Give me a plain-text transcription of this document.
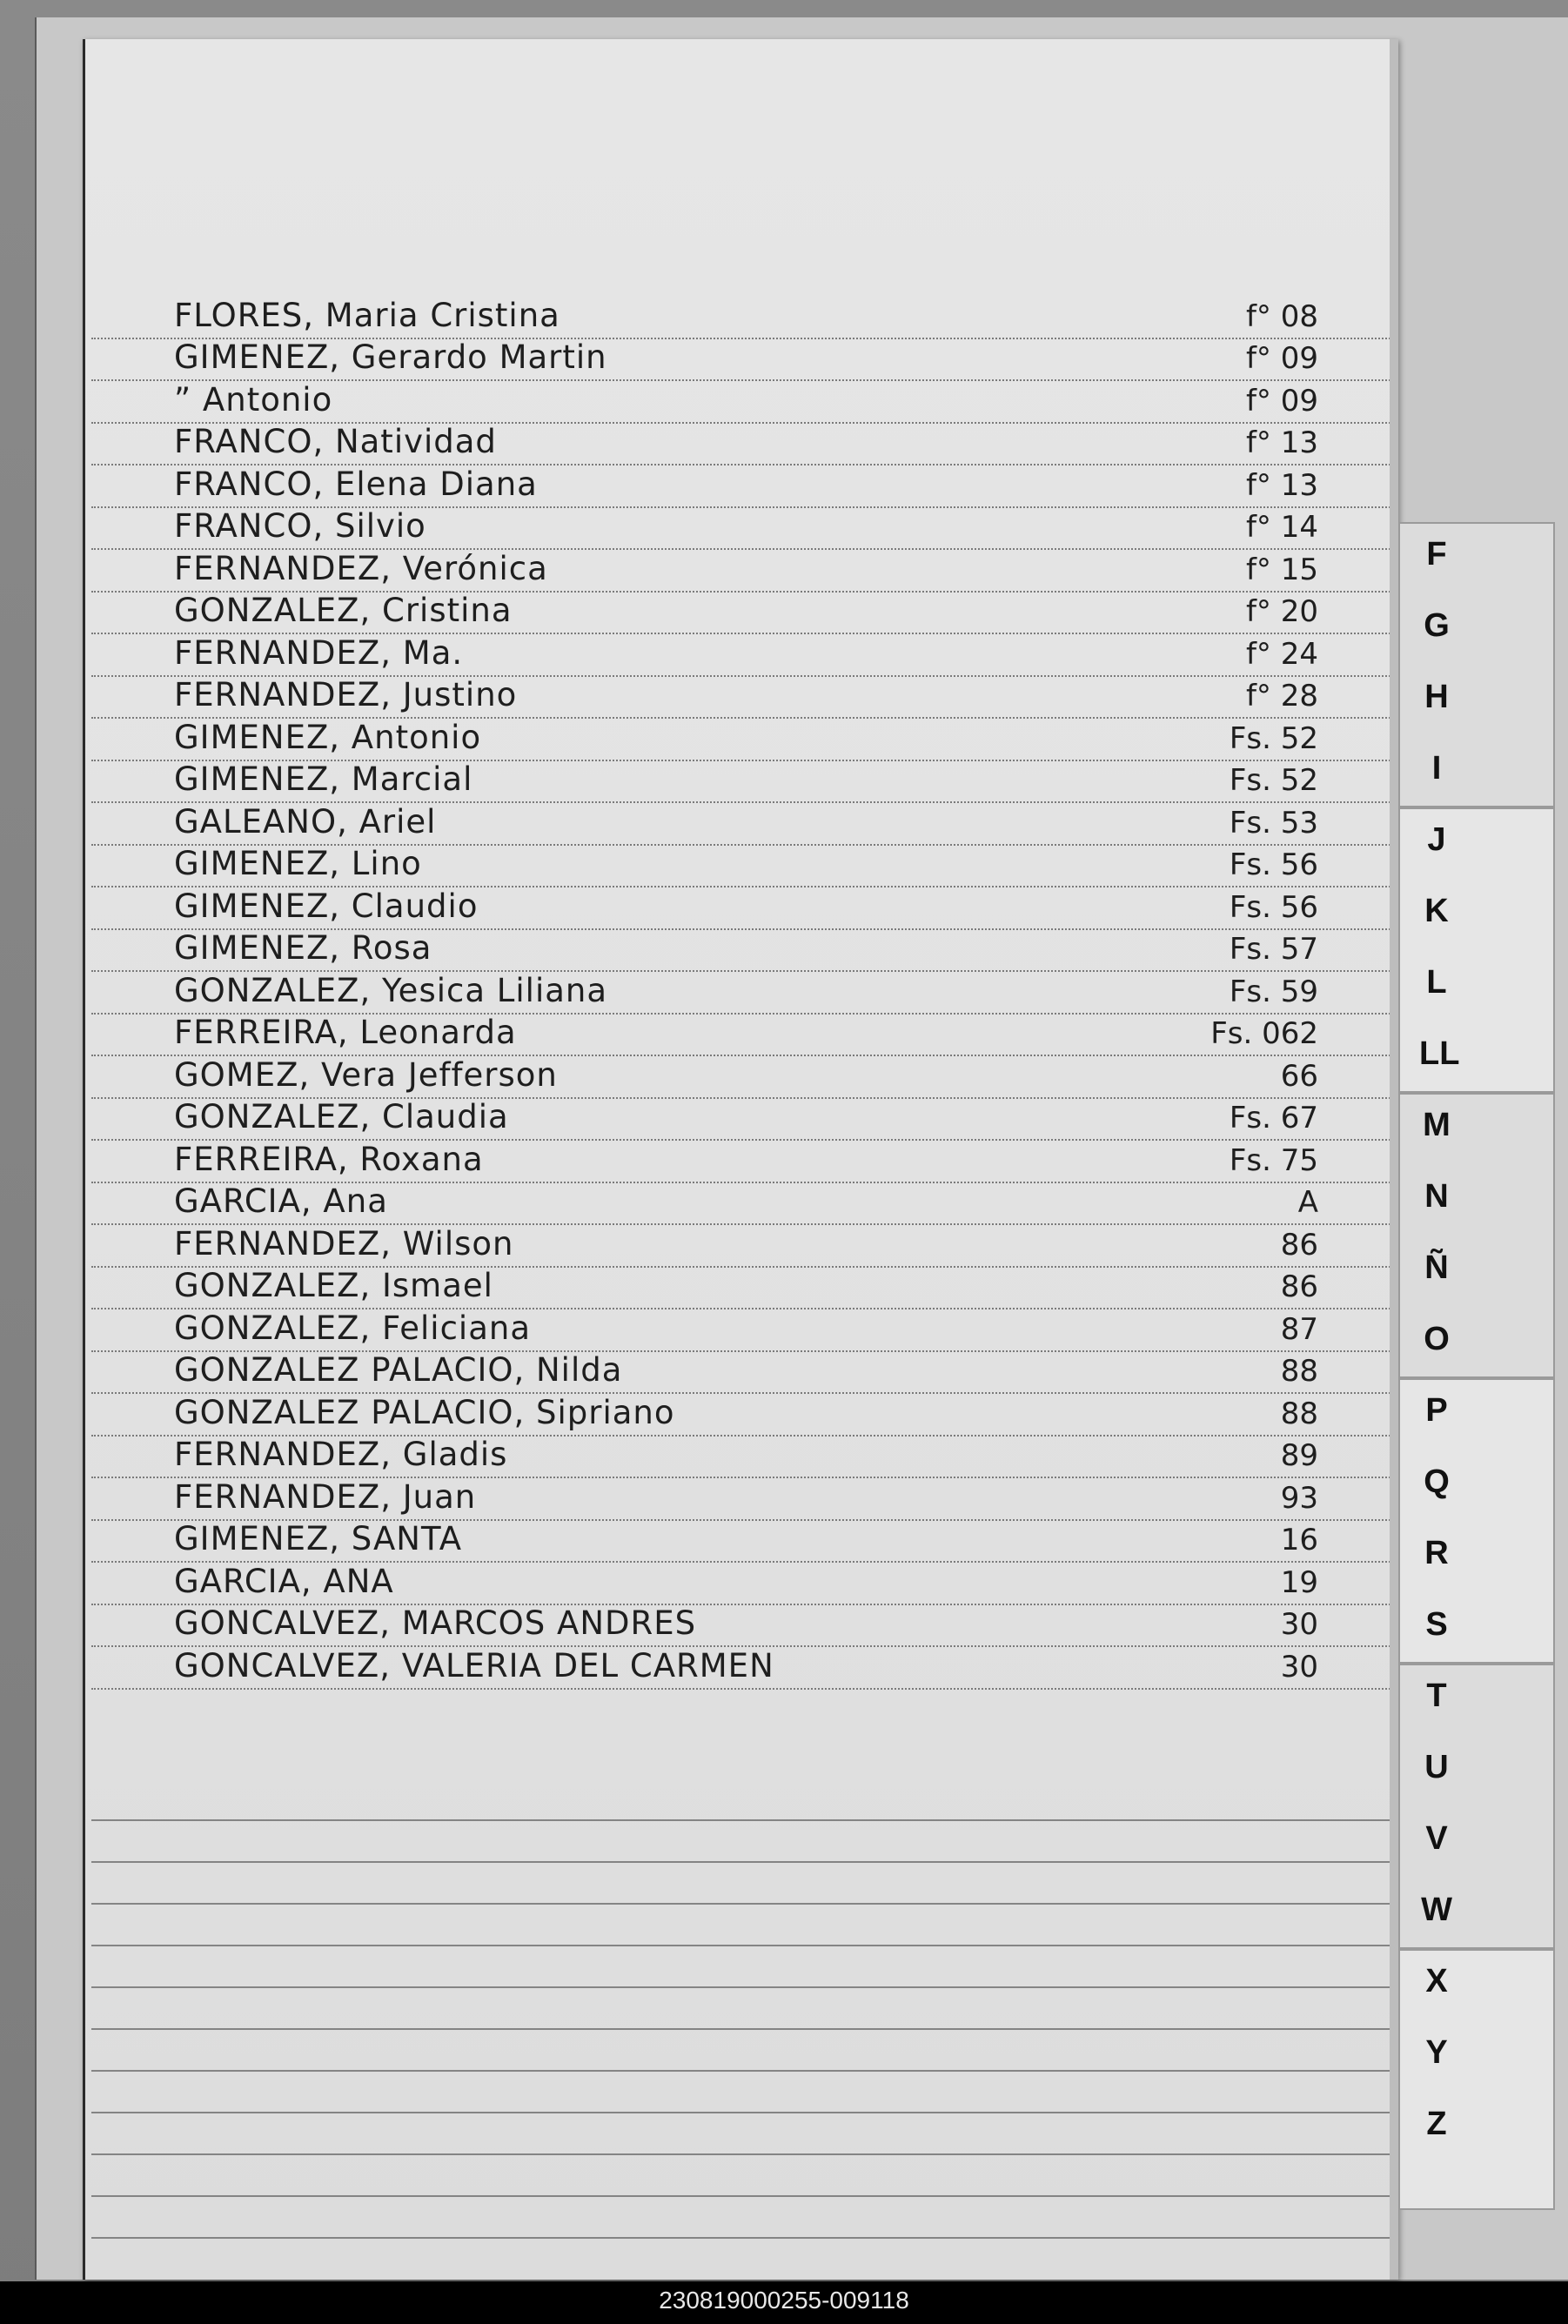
FLORES, Maria Cristina	f° 08
GIMENEZ, Gerardo Martin	f° 09
” Antonio	f° 09
FRANCO, Natividad	f° 13
FRANCO, Elena Diana	f° 13
FRANCO, Silvio	f° 14
FERNANDEZ, Verónica	f° 15
GONZALEZ, Cristina	f° 20
FERNANDEZ, Ma.	f° 24
FERNANDEZ, Justino	f° 28
GIMENEZ, Antonio	Fs. 52
GIMENEZ, Marcial	Fs. 52
GALEANO, Ariel	Fs. 53
GIMENEZ, Lino	Fs. 56
GIMENEZ, Claudio	Fs. 56
GIMENEZ, Rosa	Fs. 57
GONZALEZ, Yesica Liliana	Fs. 59
FERREIRA, Leonarda	Fs. 062
GOMEZ, Vera Jefferson	66
GONZALEZ, Claudia	Fs. 67
FERREIRA, Roxana	Fs. 75
GARCIA, Ana	A
FERNANDEZ, Wilson	86
GONZALEZ, Ismael	86
GONZALEZ, Feliciana	87
GONZALEZ PALACIO, Nilda	88
GONZALEZ PALACIO, Sipriano	88
FERNANDEZ, Gladis	89
FERNANDEZ, Juan	93
GIMENEZ, SANTA	16
GARCIA, ANA	19
GONCALVEZ, MARCOS ANDRES	30
GONCALVEZ, VALERIA DEL CARMEN	30
F
G
H
I
J
K
L
LL
M
N
Ñ
O
P
Q
R
S
T
U
V
W
X
Y
Z
230819000255-009118
